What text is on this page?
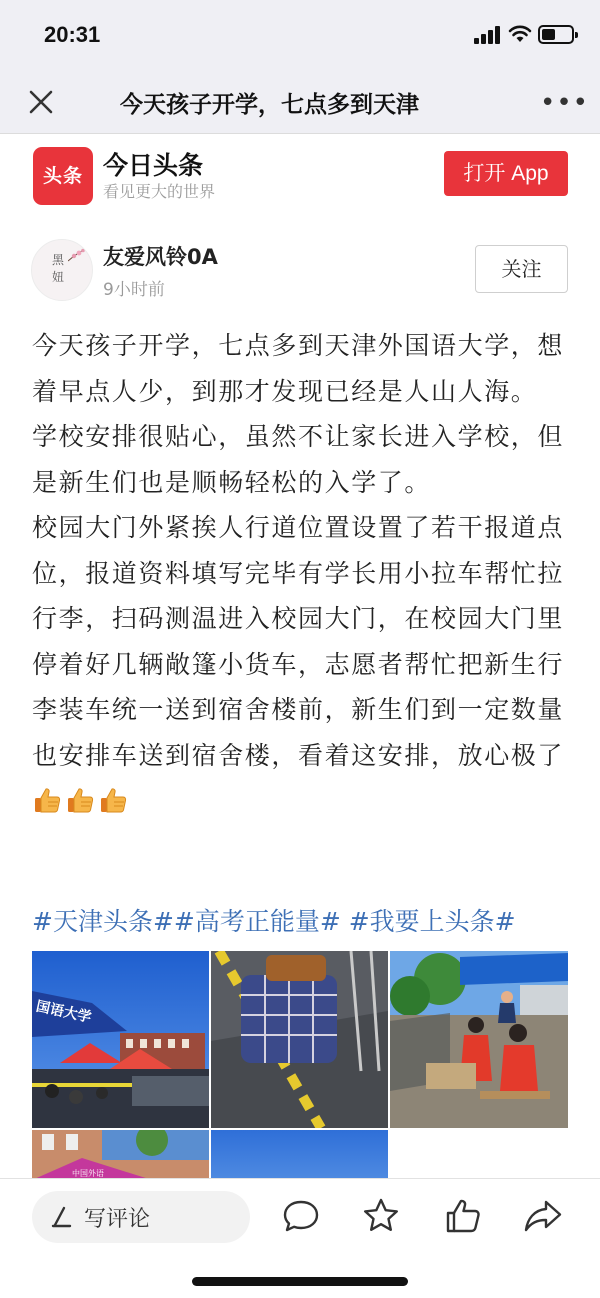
20:31
今天孩子开学，七点多到天津	•••
头条 今日头条
看见更大的世界
打开 App
黑
妞
友爱风铃0A
9小时前
关注

今天孩子开学，七点多到天津外国语大学，想着早点人少，到那才发现已经是人山人海。

学校安排很贴心，虽然不让家长进入学校，但是新生们也是顺畅轻松的入学了。

校园大门外紧挨人行道位置设置了若干报道点位，报道资料填写完毕有学长用小拉车帮忙拉行李，扫码测温进入校园大门，在校园大门里停着好几辆敞篷小货车，志愿者帮忙把新生行李装车统一送到宿舍楼前，新生们到一定数量也安排车送到宿舍楼，看着这安排，放心极了

#天津头条##高考正能量# #我要上头条#
国语大学
中国外语
写评论
